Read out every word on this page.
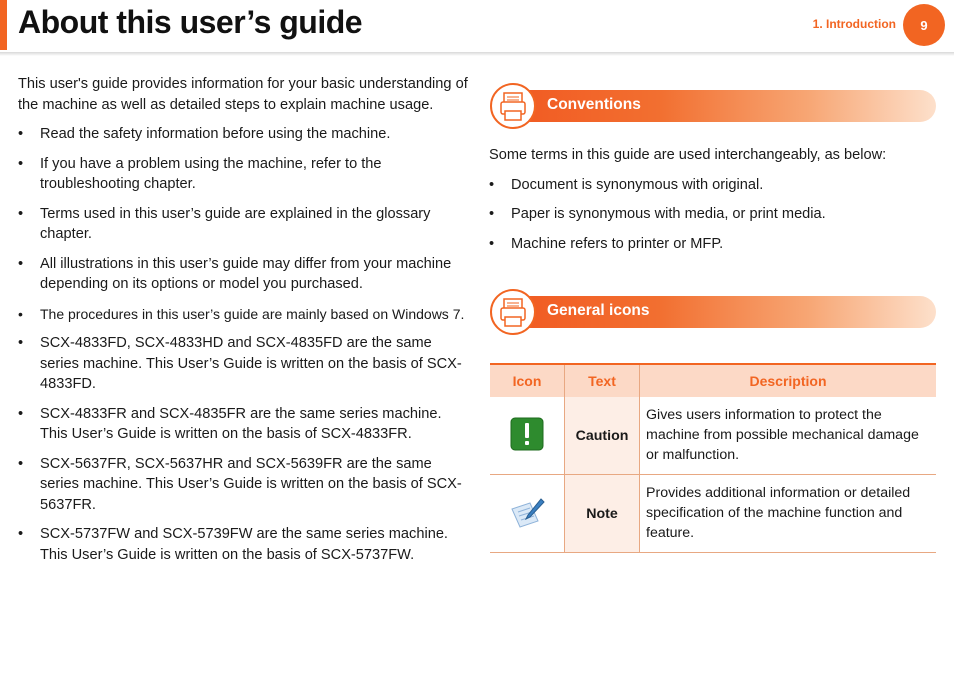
About this user’s guide	1. Introduction	9

This user's guide provides information for your basic understanding of the machine as well as detailed steps to explain machine usage.

• Read the safety information before using the machine.
• If you have a problem using the machine, refer to the troubleshooting chapter.
• Terms used in this user’s guide are explained in the glossary chapter.
• All illustrations in this user’s guide may differ from your machine depending on its options or model you purchased.
• The procedures in this user’s guide are mainly based on Windows 7.
• SCX-4833FD, SCX-4833HD and SCX-4835FD are the same series machine. This User’s Guide is written on the basis of SCX-4833FD.
• SCX-4833FR and SCX-4835FR are the same series machine. This User’s Guide is written on the basis of SCX-4833FR.
• SCX-5637FR, SCX-5637HR and SCX-5639FR are the same series machine. This User’s Guide is written on the basis of SCX-5637FR.
• SCX-5737FW and SCX-5739FW are the same series machine. This User’s Guide is written on the basis of SCX-5737FW.
Conventions

Some terms in this guide are used interchangeably, as below:

• Document is synonymous with original.
• Paper is synonymous with media, or print media.
• Machine refers to printer or MFP.
General icons
Icon	Text	Description
	Caution	Gives users information to protect the machine from possible mechanical damage or malfunction.
	Note	Provides additional information or detailed specification of the machine function and feature.
